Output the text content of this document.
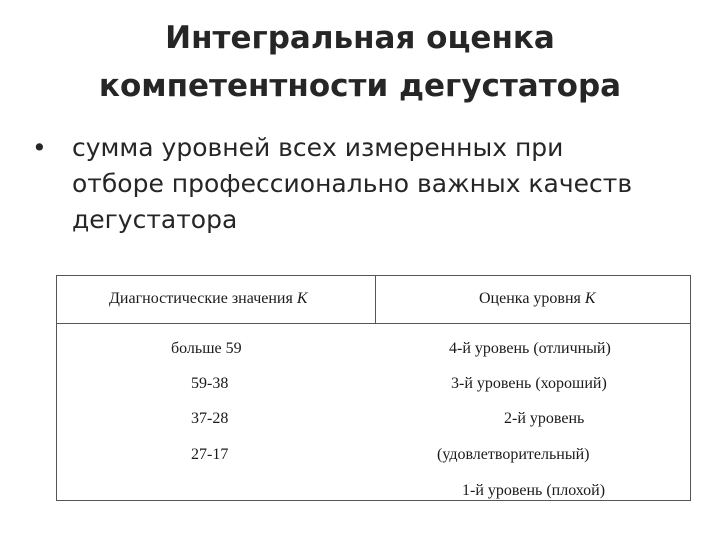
Интегральная оценка
компетентности дегустатора
• сумма уровней всех измеренных при
отборе профессионально важных качеств
дегустатора
Диагностические значения К	Оценка уровня К
больше 59
59-38
37-28
27-17
4-й уровень (отличный)
3-й уровень (хороший)
2-й уровень
(удовлетворительный)
1-й уровень (плохой)
